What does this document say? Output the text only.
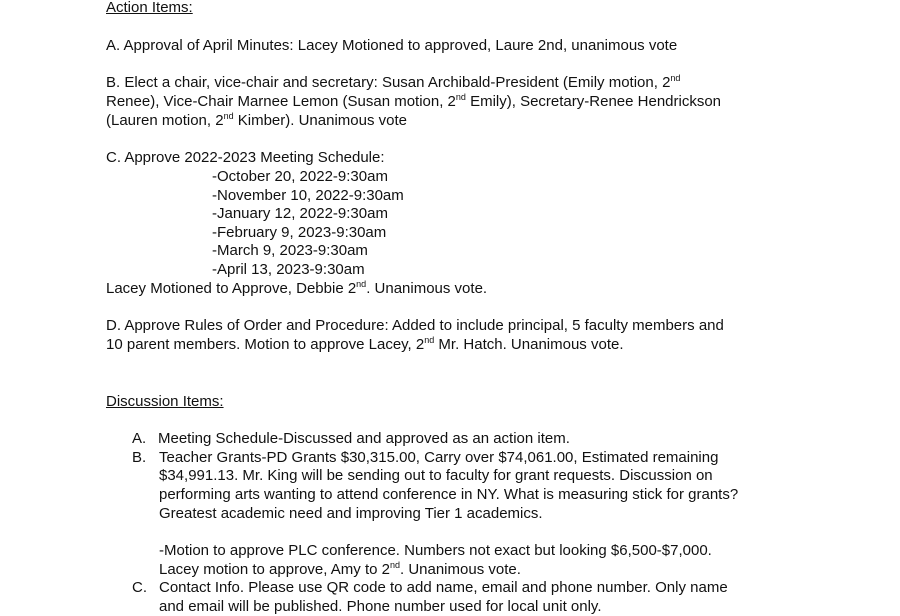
Action Items:
A. Approval of April Minutes: Lacey Motioned to approved, Laure 2nd, unanimous vote
B. Elect a chair, vice-chair and secretary: Susan Archibald-President (Emily motion, 2nd
Renee), Vice-Chair Marnee Lemon (Susan motion, 2nd Emily), Secretary-Renee Hendrickson
(Lauren motion, 2nd Kimber). Unanimous vote
C. Approve 2022-2023 Meeting Schedule:
-October 20, 2022-9:30am
-November 10, 2022-9:30am
-January 12, 2022-9:30am
-February 9, 2023-9:30am
-March 9, 2023-9:30am
-April 13, 2023-9:30am
Lacey Motioned to Approve, Debbie 2nd. Unanimous vote.
D. Approve Rules of Order and Procedure: Added to include principal, 5 faculty members and
10 parent members. Motion to approve Lacey, 2nd Mr. Hatch. Unanimous vote.
Discussion Items:
A. Meeting Schedule-Discussed and approved as an action item.
B. Teacher Grants-PD Grants $30,315.00, Carry over $74,061.00, Estimated remaining
$34,991.13. Mr. King will be sending out to faculty for grant requests. Discussion on
performing arts wanting to attend conference in NY. What is measuring stick for grants?
Greatest academic need and improving Tier 1 academics.
-Motion to approve PLC conference. Numbers not exact but looking $6,500-$7,000.
Lacey motion to approve, Amy to 2nd. Unanimous vote.
C. Contact Info. Please use QR code to add name, email and phone number. Only name
and email will be published. Phone number used for local unit only.
